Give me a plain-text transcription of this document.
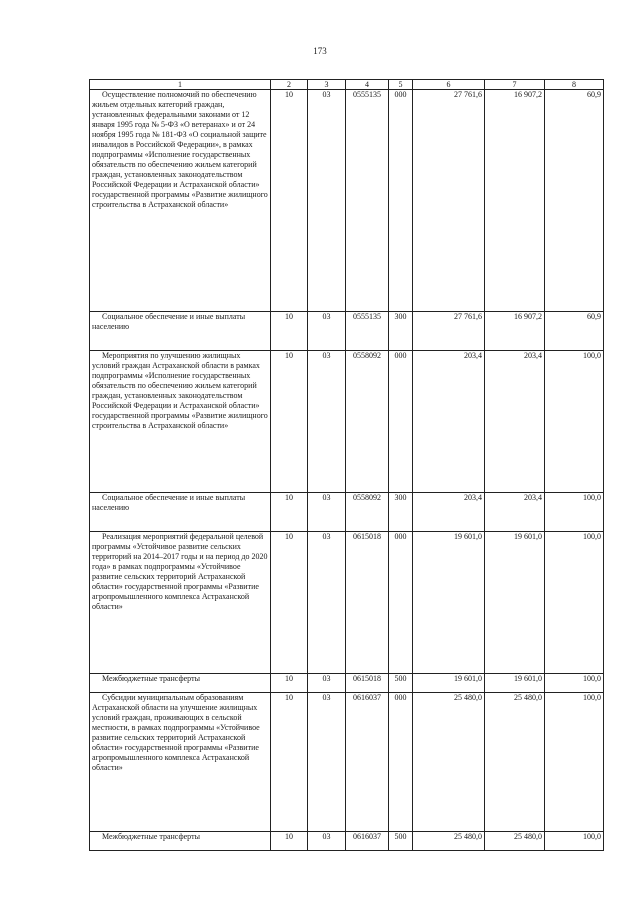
173
1	2	3	4	5	6	7	8
Осуществление полномочий по обеспечению жильем отдельных категорий граждан, установленных федеральными законами от 12 января 1995 года № 5-ФЗ «О ветеранах» и от 24 ноября 1995 года № 181-ФЗ «О социальной защите инвалидов в Российской Федерации», в рамках подпрограммы «Исполнение государственных обязательств по обеспечению жильем категорий граждан, установленных законодательством Российской Федерации и Астраханской области» государственной программы «Развитие жилищного строительства в Астраханской области»	10	03	0555135	000	27 761,6	16 907,2	60,9
Социальное обеспечение и иные выплаты населению	10	03	0555135	300	27 761,6	16 907,2	60,9
Мероприятия по улучшению жилищных условий граждан Астраханской области в рамках подпрограммы «Исполнение государственных обязательств по обеспечению жильем категорий граждан, установленных законодательством Российской Федерации и Астраханской области» государственной программы «Развитие жилищного строительства в Астраханской области»	10	03	0558092	000	203,4	203,4	100,0
Социальное обеспечение и иные выплаты населению	10	03	0558092	300	203,4	203,4	100,0
Реализация мероприятий федеральной целевой программы «Устойчивое развитие сельских территорий на 2014–2017 годы и на период до 2020 года» в рамках подпрограммы «Устойчивое развитие сельских территорий Астраханской области» государственной программы «Развитие агропромышленного комплекса Астраханской области»	10	03	0615018	000	19 601,0	19 601,0	100,0
Межбюджетные трансферты	10	03	0615018	500	19 601,0	19 601,0	100,0
Субсидии муниципальным образованиям Астраханской области на улучшение жилищных условий граждан, проживающих в сельской местности, в рамках подпрограммы «Устойчивое развитие сельских территорий Астраханской области» государственной программы «Развитие агропромышленного комплекса Астраханской области»	10	03	0616037	000	25 480,0	25 480,0	100,0
Межбюджетные трансферты	10	03	0616037	500	25 480,0	25 480,0	100,0
